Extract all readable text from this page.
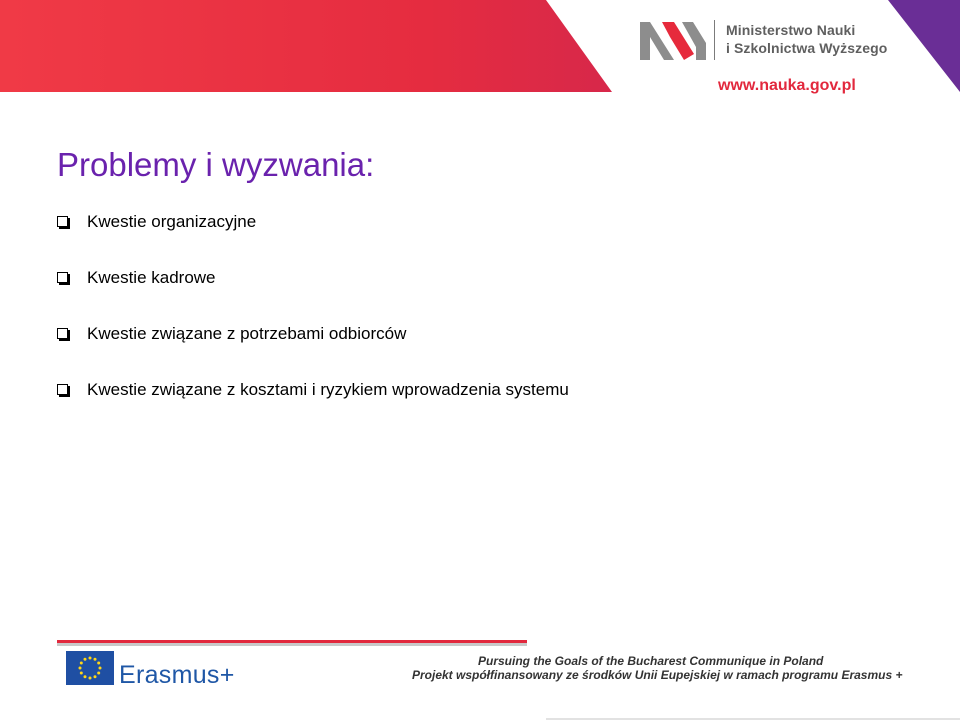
Ministerstwo Nauki
i Szkolnictwa Wyższego
www.nauka.gov.pl
Problemy i wyzwania:
Kwestie organizacyjne
Kwestie kadrowe
Kwestie związane z potrzebami odbiorców
Kwestie związane z kosztami i ryzykiem wprowadzenia systemu
Erasmus+	Pursuing the Goals of the Bucharest Communique in Poland
Projekt współfinansowany ze środków Unii Eupejskiej w ramach programu Erasmus +
